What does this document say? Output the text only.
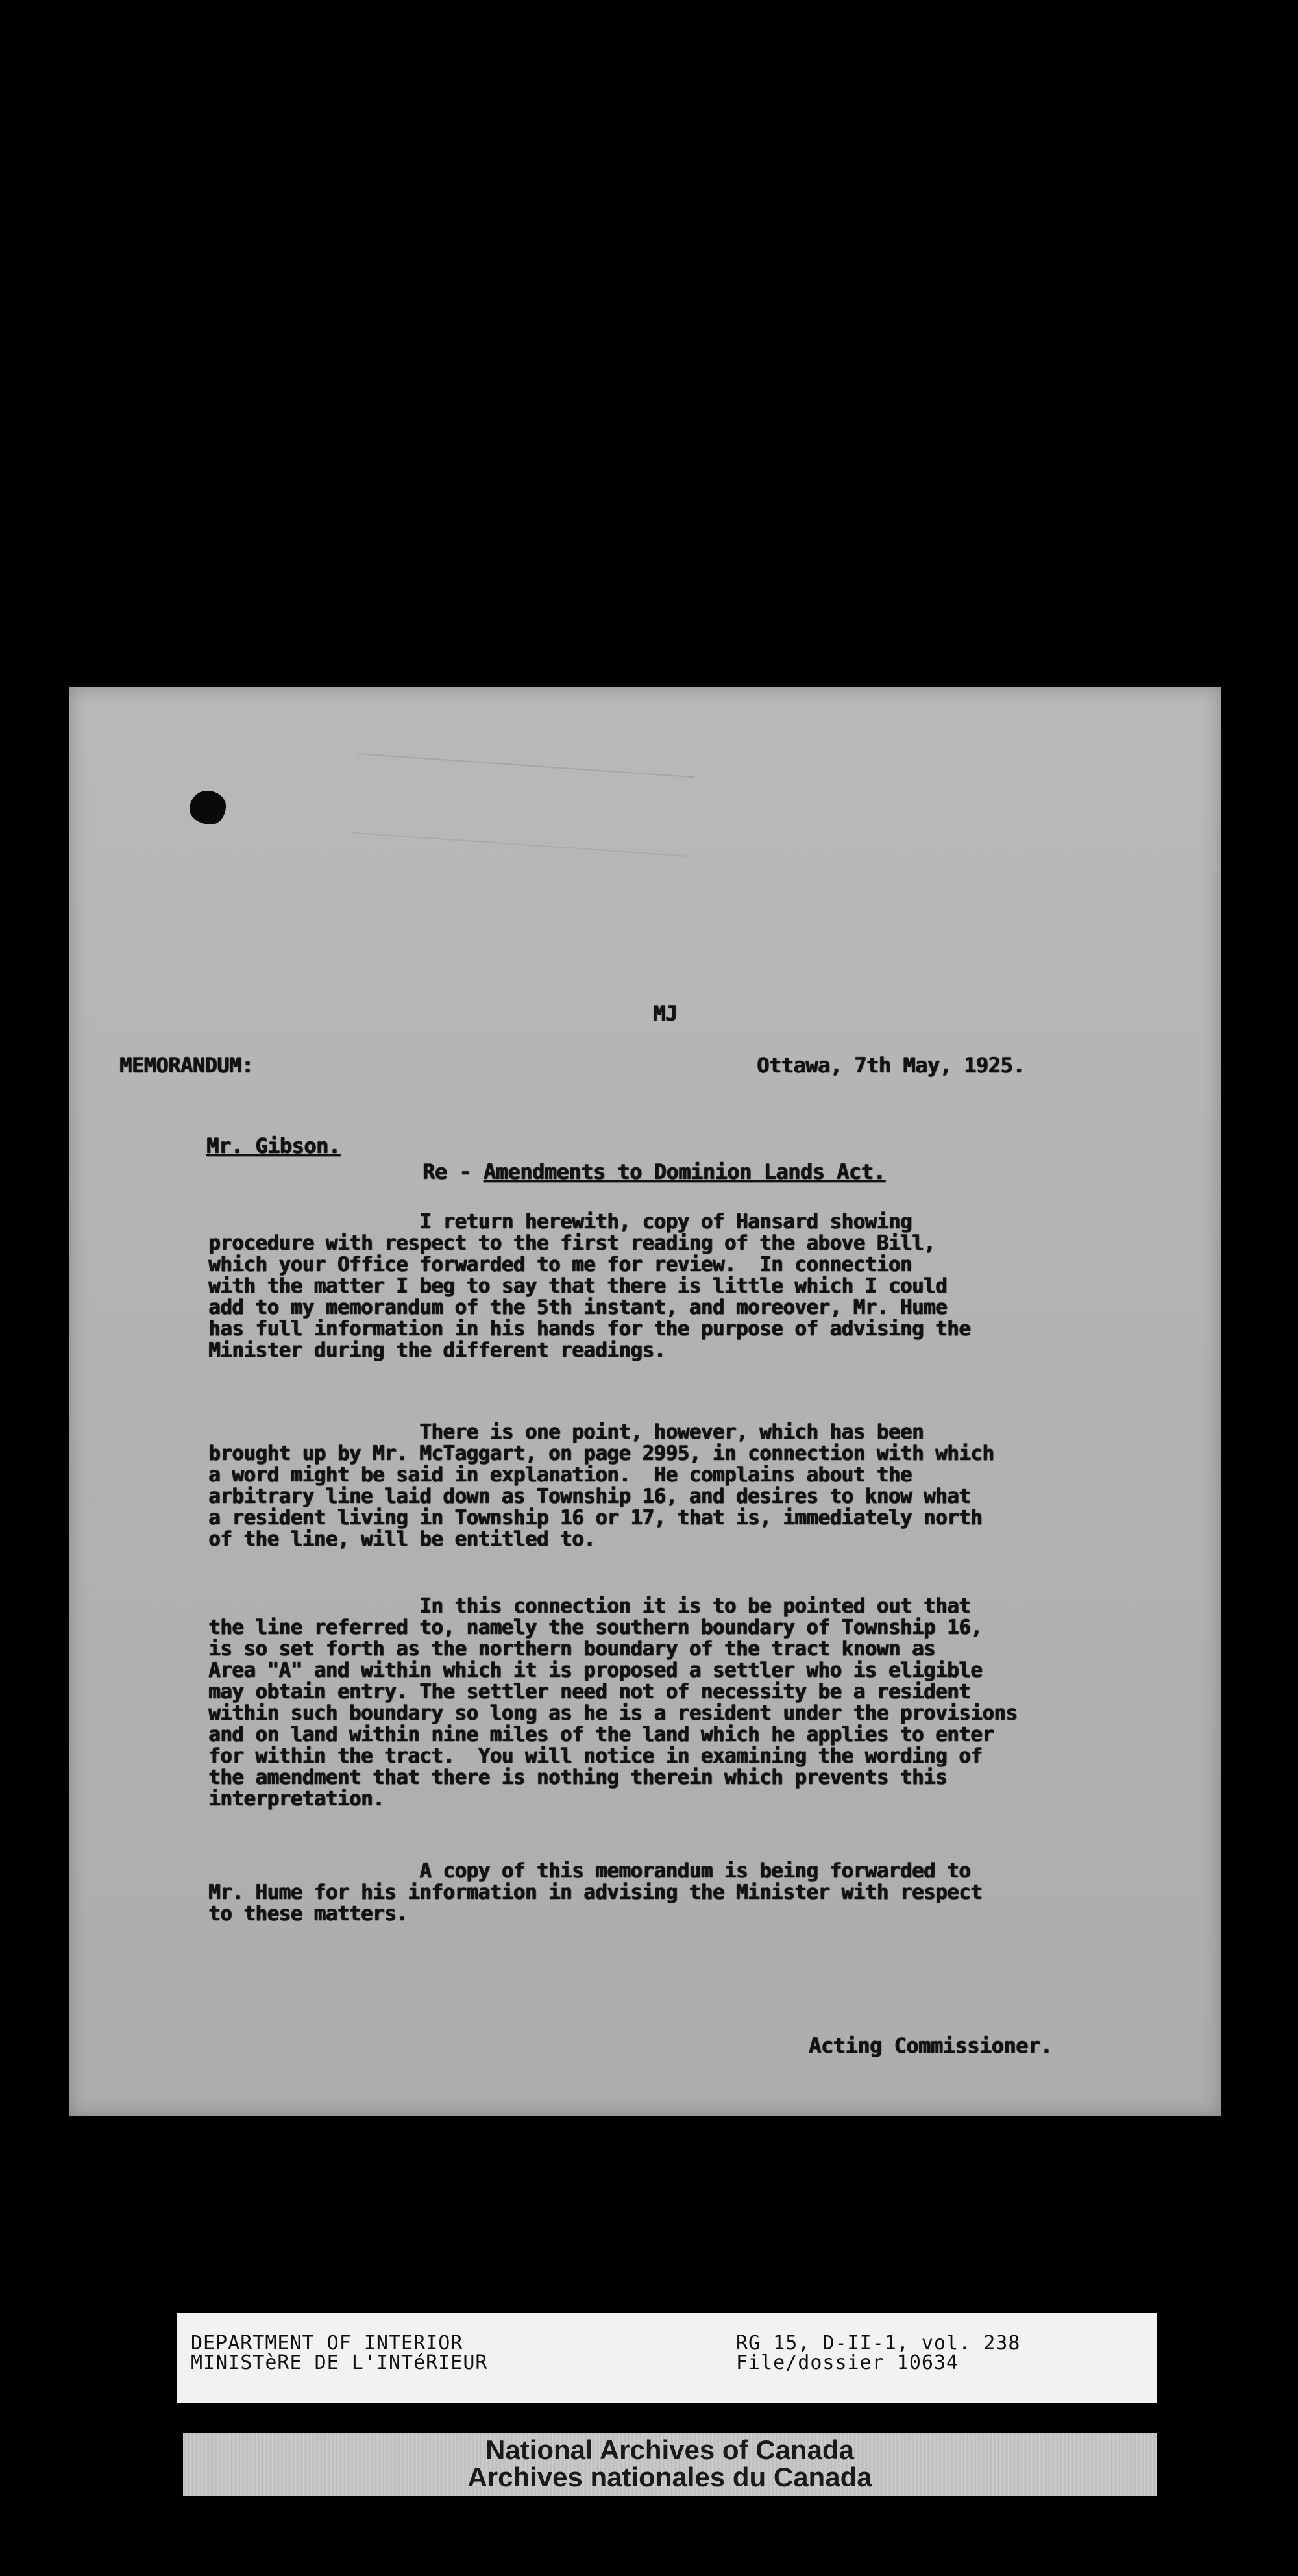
MJ
MEMORANDUM:	Ottawa, 7th May, 1925.
Mr. Gibson.
Re - Amendments to Dominion Lands Act.
I return herewith, copy of Hansard showing
procedure with respect to the first reading of the above Bill,
which your Office forwarded to me for review.  In connection
with the matter I beg to say that there is little which I could
add to my memorandum of the 5th instant, and moreover, Mr. Hume
has full information in his hands for the purpose of advising the
Minister during the different readings.
There is one point, however, which has been
brought up by Mr. McTaggart, on page 2995, in connection with which
a word might be said in explanation.  He complains about the
arbitrary line laid down as Township 16, and desires to know what
a resident living in Township 16 or 17, that is, immediately north
of the line, will be entitled to.
In this connection it is to be pointed out that
the line referred to, namely the southern boundary of Township 16,
is so set forth as the northern boundary of the tract known as
Area "A" and within which it is proposed a settler who is eligible
may obtain entry. The settler need not of necessity be a resident
within such boundary so long as he is a resident under the provisions
and on land within nine miles of the land which he applies to enter
for within the tract.  You will notice in examining the wording of
the amendment that there is nothing therein which prevents this
interpretation.
A copy of this memorandum is being forwarded to
Mr. Hume for his information in advising the Minister with respect
to these matters.
Acting Commissioner.
DEPARTMENT OF INTERIOR
MINISTèRE DE L'INTéRIEUR
RG 15, D-II-1, vol. 238
File/dossier 10634
National Archives of Canada
Archives nationales du Canada
